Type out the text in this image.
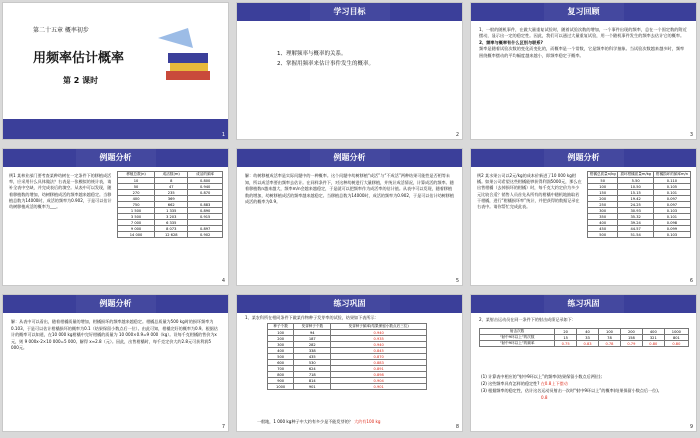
第二十五章 概率初步
用频率估计概率
第 2 课时
第一PPT模板网-WWW.1PPT.COM
1
学习目标
1、理解频率与概率的关系。
2、掌握用频率来估计事件发生的概率。
2
复习回顾
1、一般的随机事件，在做大量重复试验时，随着试验次数的增加，一个事件出现的频率，总在一个固定数的附近摆动，显示出一定的稳定性。因此，我们可以通过大量重复试验，用一个随机事件发生的频率去估计它的概率。
2、频率与概率有什么区别与联系?
频率是随着试验次数的变化而变化的，而概率是一个常数，它是频率的科学抽象。当试验次数越来越多时，频率围绕概率摆动的平均幅度越来越小，即频率稳定于概率。
3
例题分析
例1 某林业部门要考查某种幼树在一定条件下的移植成活率，应采用什么具体做法？右表是一张模拟的统计表，请补全表中空缺，并完成表后的填空。从表中可以发现，随着移植数的增加，幼树移植成活的频率越来越稳定。当移植总数为14000时，成活的频率为0.902，于是可以估计幼树移植成活的概率为___。
移植总数(n)	成活数(m)	成活的频率
10	8	0.800
50	47	0.940
270	235	0.870
400	369	
750	662	0.883
1 500	1 335	0.890
3 500	3 203	0.915
7 000	6 335	
9 000	8 073	0.897
14 000	12 628	0.902
4
例题分析
解：幼树移植成活率是实际问题中的一种概率。这个问题中幼树移植“成活”与“不成活”两种结果可能性是否相等未知，所以成活率要由频率去估计。在同样条件下，对这种幼树进行大量移植，并统计成活情况，计算成活的频率。随着移植数n越来越大，频率m/n会越来越稳定，于是就可以把频率作为成活率的估计值。从表中可以发现，随着移植数的增加，幼树移植成活的频率越来越稳定。当移植总数为14000时，成活的频率为0.902，于是可以估计幼树移植成活的概率为0.9。
5
例题分析
例2 某水果公司以2元/kg的成本价新进了10 000 kg柑橘。如果公司希望这些柑橘能够获得利润5000元，那么在出售柑橘（去掉损坏的柑橘）时，每千克大约定价为多少元比较合适？销售人员首先从所有的柑橘中随机地抽取若干柑橘，进行“柑橘损坏率”统计，并把获得的数据记录在右表中。请你帮忙完成此表。
柑橘总质量n/kg	损坏柑橘质量m/kg	柑橘损坏的频率m/n
50	5.50	0.110
100	10.50	0.105
150	15.15	0.101
200	19.42	0.097
250	24.25	0.097
300	30.93	0.103
350	35.32	0.101
400	39.24	0.098
450	44.57	0.099
500	51.54	0.103
6
例题分析
解：从表中可以看出，随着柑橘质量的增加，柑橘损坏的频率越来越稳定。柑橘总质量为500 kg时的损坏频率为0.103，于是可以估计柑橘损坏的概率为0.1（结果保留小数点后一位）。由此可知，柑橘完好的概率为0.9。根据估计的概率可以知道，在10 000 kg柑橘中完好柑橘的质量为 10 000×0.9=9 000（kg）。设每千克柑橘的售价为x元，则 9 000x-2×10 000=5 000。解得 x≈2.8（元）。因此，出售柑橘时，每千克定价大约2.8元可获利润5 000元。
7
练习巩固
1、某农科所在相同条件下做某作物种子发芽率的试验，结果如下表所示：
种子个数	发芽种子个数	发芽种子频率(结果保留小数点后三位)
100	94	0.940
200	187	0.935
300	282	0.940
400	338	0.845
500	435	0.870
600	530	0.883
700	624	0.891
800	718	0.898
900	814	0.904
1000	901	0.901
一般地，1 000 kg种子中大约有多少是不能发芽的？ 大约有100 kg
8
练习巩固
2、某射击运动员在同一条件下的射击成绩记录如下：
射击次数	20	40	100	200	400	1000
“射中9环以上”的次数	15	33	78	158	321	801
“射中9环以上”的频率	0.75	0.83	0.78	0.79	0.80	0.80
(1) 计算表中相应的“射中9环以上”的频率(结果保留小数点后两位);
(2) 这些频率具有怎样的稳定性? 在0.8上下摆动
(3) 根据频率的稳定性，估计这名运动员射击一次时“射中9环以上”的概率(结果保留小数点后一位)。
0.8
9
